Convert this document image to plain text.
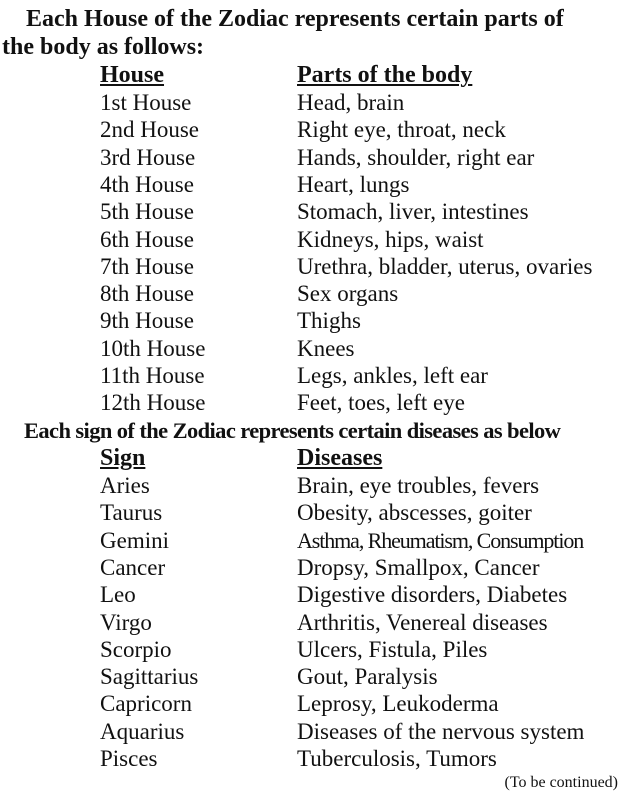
Each House of the Zodiac represents certain parts of
the body as follows:
House	Parts of the body
1st House	Head, brain
2nd House	Right eye, throat, neck
3rd House	Hands, shoulder, right ear
4th House	Heart, lungs
5th House	Stomach, liver, intestines
6th House	Kidneys, hips, waist
7th House	Urethra, bladder, uterus, ovaries
8th House	Sex organs
9th House	Thighs
10th House	Knees
11th House	Legs, ankles, left ear
12th House	Feet, toes, left eye
Each sign of the Zodiac represents certain diseases as below
Sign	Diseases
Aries	Brain, eye troubles, fevers
Taurus	Obesity, abscesses, goiter
Gemini	Asthma, Rheumatism, Consumption
Cancer	Dropsy, Smallpox, Cancer
Leo	Digestive disorders, Diabetes
Virgo	Arthritis, Venereal diseases
Scorpio	Ulcers, Fistula, Piles
Sagittarius	Gout, Paralysis
Capricorn	Leprosy, Leukoderma
Aquarius	Diseases of the nervous system
Pisces	Tuberculosis, Tumors
(To be continued)
